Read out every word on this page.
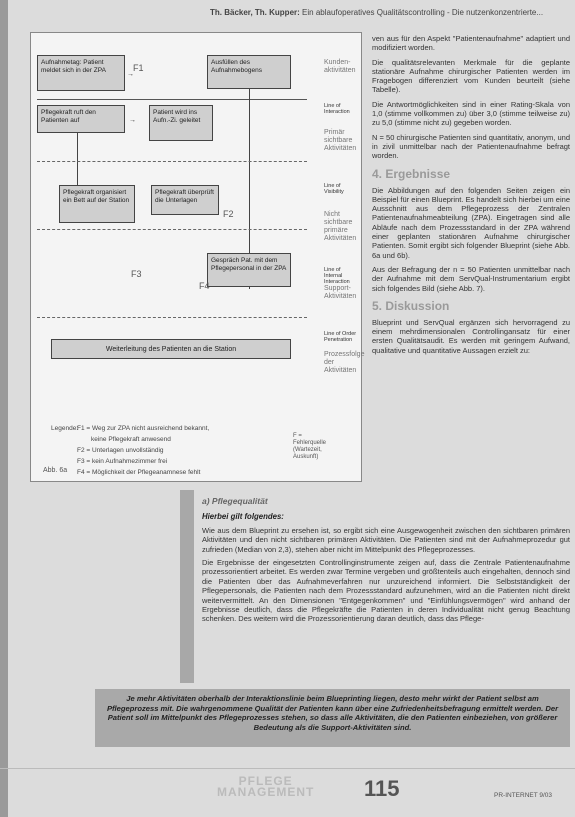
Th. Bäcker, Th. Kupper: Ein ablaufoperatives Qualitätscontrolling - Die nutzenkonzentrierte...
Aufnahmetag: Patient meldet sich in der ZPA
Ausfüllen des Aufnahmebogens
F1
→
Pflegekraft ruft den Patienten auf
Patient wird ins Aufn.-Zi. geleitet
→
Pflegekraft organisiert ein Bett auf der Station
Pflegekraft überprüft die Unterlagen
F2
Gespräch Pat. mit dem Pflegepersonal in der ZPA
F4
F3
Weiterleitung des Patienten an die Station
Kunden-aktivitäten
Line of Interaction
Primär sichtbare Aktivitäten
Line of Visibility
Nicht sichtbare primäre Aktivitäten
Line of Internal Interaction
Support-Aktivitäten
Line of Order Penetration
Prozessfolge der Aktivitäten
Legende:
F1 = Weg zur ZPA nicht ausreichend bekannt,
keine Pflegekraft anwesend
F2 = Unterlagen unvollständig
F3 = kein Aufnahmezimmer frei
F4 = Möglichkeit der Pflegeanamnese fehlt
F = Fehlerquelle (Wartezeit, Auskunft)
Abb. 6a

ven aus für den Aspekt "Patientenaufnahme" adaptiert und modifiziert worden.

Die qualitätsrelevanten Merkmale für die geplante stationäre Aufnahme chirurgischer Patienten werden im Fragebogen differenziert vom Kunden beurteilt (siehe Tabelle).

Die Antwortmöglichkeiten sind in einer Rating-Skala von 1,0 (stimme vollkommen zu) über 3,0 (stimme teilweise zu) zu 5,0 (stimme nicht zu) gegeben worden.

N = 50 chirurgische Patienten sind quantitativ, anonym, und in zivil unmittelbar nach der Patientenaufnahme befragt worden.

4. Ergebnisse

Die Abbildungen auf den folgenden Seiten zeigen ein Beispiel für einen Blueprint. Es handelt sich hierbei um eine Ausschnitt aus dem Pflegeprozess der Zentralen Patientenaufnahmeabteilung (ZPA). Eingetragen sind alle Abläufe nach dem Prozessstandard in der ZPA während einer geplanten stationären Aufnahme chirurgischer Patienten. Somit ergibt sich folgender Blueprint (siehe Abb. 6a und 6b).

Aus der Befragung der n = 50 Patienten unmittelbar nach der Aufnahme mit dem ServQual-Instrumentarium ergibt sich folgendes Bild (siehe Abb. 7).

5. Diskussion

Blueprint und ServQual ergänzen sich hervorragend zu einem mehrdimensionalen Controllingansatz für einer ersten Qualitätsaudit. Es werden mit geringem Aufwand, qualitative und quantitative Aussagen erzielt zu:

a) Pflegequalität
Hierbei gilt folgendes:

Wie aus dem Blueprint zu ersehen ist, so ergibt sich eine Ausgewogenheit zwischen den sichtbaren primären Aktivitäten und den nicht sichtbaren primären Aktivitäten. Die Patienten sind mit der Aufnahmeprozedur gut zufrieden (Median von 2,3), stehen aber nicht im Mittelpunkt des Pflegeprozesses.

Die Ergebnisse der eingesetzten Controllinginstrumente zeigen auf, dass die Zentrale Patientenaufnahme prozessorientiert arbeitet. Es werden zwar Termine vergeben und größtenteils auch eingehalten, dennoch sind die Patienten über das Aufnahmeverfahren nur unzureichend informiert. Die Selbstständigkeit der Pflegepersonals, die Patienten nach dem Prozessstandard aufzunehmen, wird an die Patienten nicht direkt weitervermittelt. An den Dimensionen "Entgegenkommen" und "Einfühlungsvermögen" wird anhand der Ergebnisse deutlich, dass die Pflegekräfte die Patienten in deren Individualität nicht genug Beachtung schenken. Des weitern wird die Prozessorientierung daran deutlich, dass das Pflege-

Je mehr Aktivitäten oberhalb der Interaktionslinie beim Blueprinting liegen, desto mehr wirkt der Patient selbst am Pflegeprozess mit. Die wahrgenommene Qualität der Patienten kann über eine Zufriedenheitsbefragung ermittelt werden. Der Patient soll im Mittelpunkt des Pflegeprozesses stehen, so dass alle Aktivitäten, die den Patienten einbeziehen, von größerer Bedeutung als die Support-Aktivitäten sind.
PFLEGE
MANAGEMENT 115	PR-INTERNET 9/03
